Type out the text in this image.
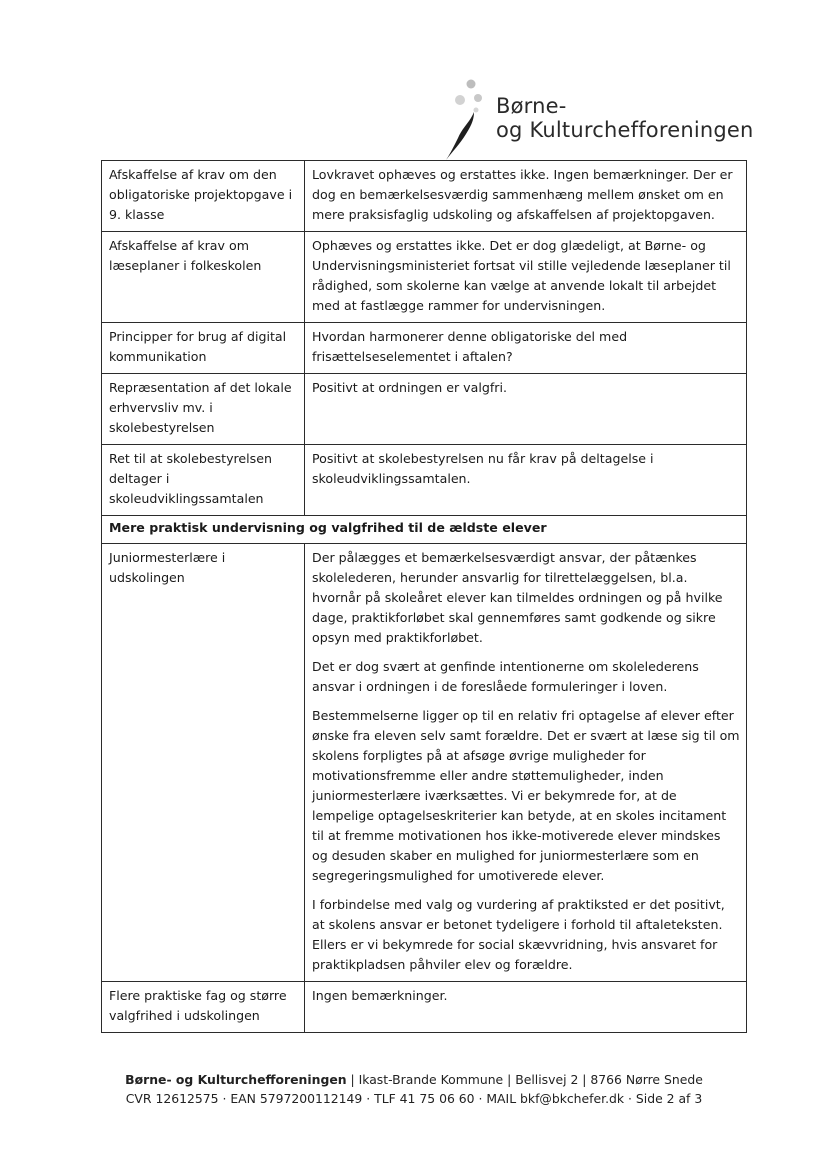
Børne-
og Kulturchefforeningen
Afskaffelse af krav om den obligatoriske projektopgave i 9. klasse	Lovkravet ophæves og erstattes ikke. Ingen bemærkninger. Der er dog en bemærkelsesværdig sammenhæng mellem ønsket om en mere praksisfaglig udskoling og afskaffelsen af projektopgaven.

Afskaffelse af krav om læseplaner i folkeskolen	Ophæves og erstattes ikke. Det er dog glædeligt, at Børne- og Undervisningsministeriet fortsat vil stille vejledende læseplaner til rådighed, som skolerne kan vælge at anvende lokalt til arbejdet med at fastlægge rammer for undervisningen.

Principper for brug af digital kommunikation	Hvordan harmonerer denne obligatoriske del med frisættelseselementet i aftalen?

Repræsentation af det lokale erhvervsliv mv. i skolebestyrelsen	Positivt at ordningen er valgfri.

Ret til at skolebestyrelsen deltager i skoleudviklingssamtalen	Positivt at skolebestyrelsen nu får krav på deltagelse i skoleudviklingssamtalen.

Mere praktisk undervisning og valgfrihed til de ældste elever	
Juniormesterlære i udskolingen	Der pålægges et bemærkelsesværdigt ansvar, der påtænkes skolelederen, herunder ansvarlig for tilrettelæggelsen, bl.a. hvornår på skoleåret elever kan tilmeldes ordningen og på hvilke dage, praktikforløbet skal gennemføres samt godkende og sikre opsyn med praktikforløbet.

Det er dog svært at genfinde intentionerne om skolelederens ansvar i ordningen i de foreslåede formuleringer i loven.

Bestemmelserne ligger op til en relativ fri optagelse af elever efter ønske fra eleven selv samt forældre. Det er svært at læse sig til om skolens forpligtes på at afsøge øvrige muligheder for motivationsfremme eller andre støttemuligheder, inden juniormesterlære iværksættes. Vi er bekymrede for, at de lempelige optagelseskriterier kan betyde, at en skoles incitament til at fremme motivationen hos ikke-motiverede elever mindskes og desuden skaber en mulighed for juniormesterlære som en segregeringsmulighed for umotiverede elever.

I forbindelse med valg og vurdering af praktiksted er det positivt, at skolens ansvar er betonet tydeligere i forhold til aftaleteksten. Ellers er vi bekymrede for social skævvridning, hvis ansvaret for praktikpladsen påhviler elev og forældre.

Flere praktiske fag og større valgfrihed i udskolingen	Ingen bemærkninger.

Børne- og Kulturchefforeningen | Ikast-Brande Kommune | Bellisvej 2 | 8766 Nørre Snede
CVR 12612575 · EAN 5797200112149 · TLF 41 75 06 60 · MAIL bkf@bkchefer.dk · Side 2 af 3
